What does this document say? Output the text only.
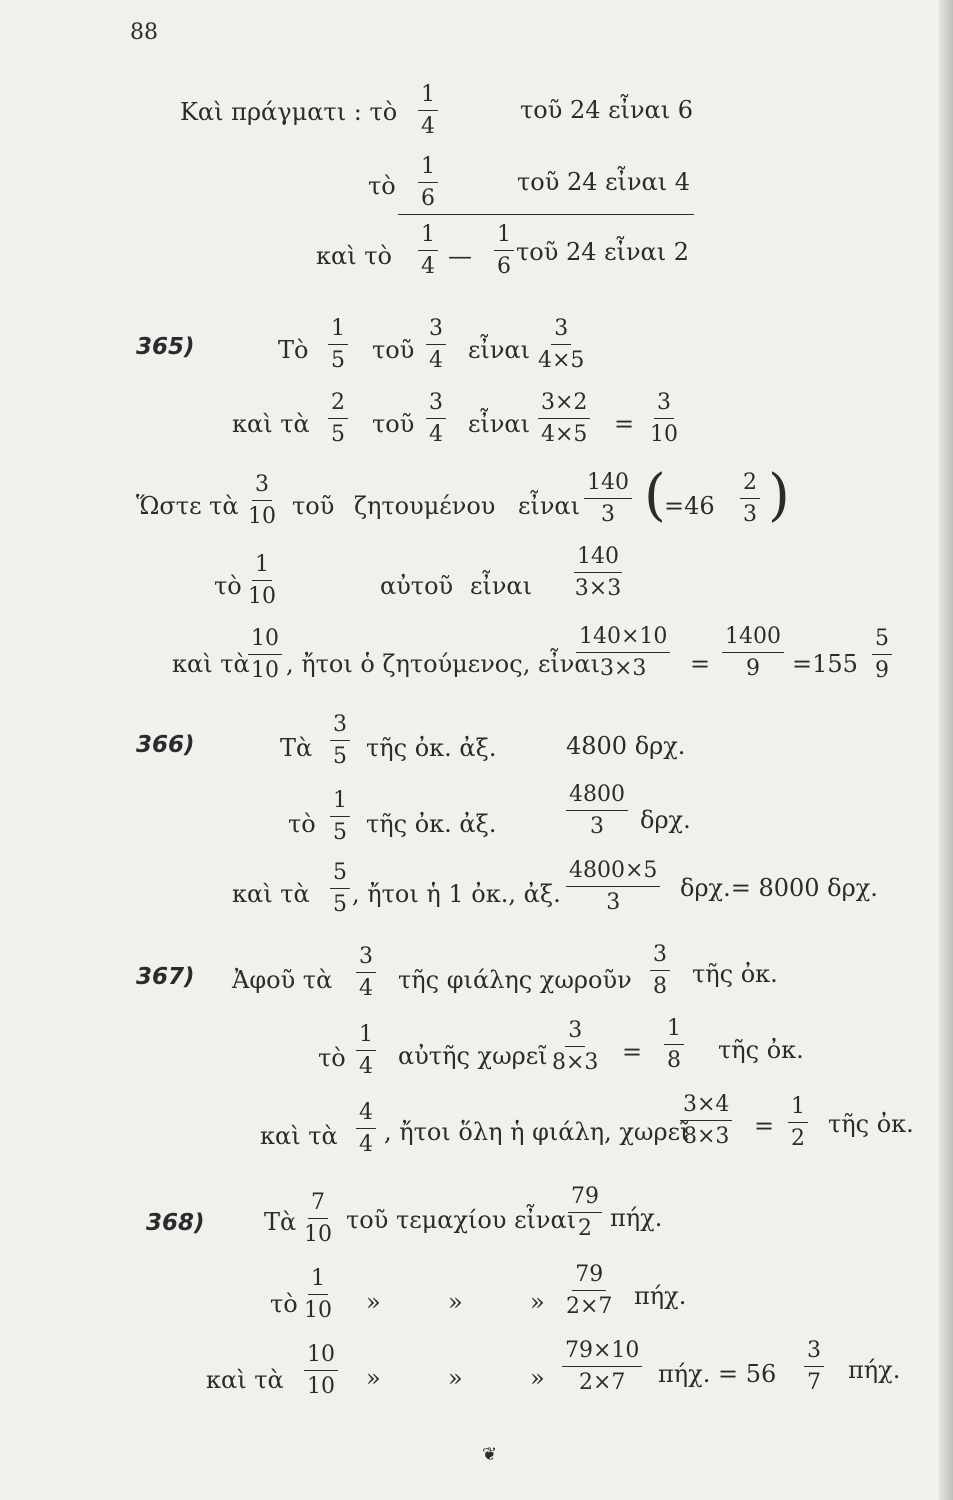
88
Καὶ πράγματι : τὸ $\frac{1}{4}$	τοῦ 24 εἶναι 6
τὸ $\frac{1}{6}$	τοῦ 24 εἶναι 4
καὶ τὸ $\frac{1}{4}$ — $\frac{1}{6}$ τοῦ 24 εἶναι 2
365)	Τὸ $\frac{1}{5}$ τοῦ $\frac{3}{4}$ εἶναι $\frac{3}{4\times 5}$
καὶ τὰ $\frac{2}{5}$ τοῦ $\frac{3}{4}$ εἶναι $\frac{3\times 2}{4\times 5} = \frac{3}{10}$
Ὥστε τὰ $\frac{3}{10}$ τοῦ ζητουμένου εἶναι $\frac{140}{3}$ (
$=46 \frac{2}{3}$ )
τὸ $\frac{1}{10}$	αὐτοῦ εἶναι $\frac{140}{3\times 3}$
καὶ τὰ
$\frac{10}{10}$ , ἤτοι ὁ ζητούμενος, εἶναι
$\frac{140\times 10}{3\times 3} = \frac{1400}{9} =155 \frac{5}{9}$
366)	Τὰ $\frac{3}{5}$ τῆς ὀκ. ἀξ.	4800 δρχ.
τὸ $\frac{1}{5}$ τῆς ὀκ. ἀξ.	$\frac{4800}{3} \delta\rho\chi$.
καὶ τὰ $\frac{5}{5}$ , ἤτοι ἡ 1 ὀκ., ἀξ. $\frac{4800\times 5}{3} \delta\rho\chi.= 8000$ δρχ.
367) Ἀφοῦ τὰ $\frac{3}{4}$ τῆς φιάλης χωροῦν $\frac{3}{8}$ τῆς ὀκ.
τὸ $\frac{1}{4}$ αὐτῆς χωρεῖ $\frac{3}{8\times 3} = \frac{1}{8}$ τῆς ὀκ.
καὶ τὰ $\frac{4}{4}$ , ἤτοι ὅλη ἡ φιάλη, χωρεῖ
$\frac{3\times 4}{8\times 3} = \frac{1}{2}$ τῆς ὀκ.
368) Τὰ $\frac{7}{10}$ τοῦ τεμαχίου εἶναι
$\frac{79}{2} \pi ή\chi$.
τὸ $\frac{1}{10}$ »	»	» $\frac{79}{2\times 7} \pi ή\chi$.
καὶ τὰ $\frac{10}{10}$ »	»	» $\frac{79\times 10}{2\times 7} \pi ή\chi$. = $56 \frac{3}{7} \pi ή\chi$.
❦
